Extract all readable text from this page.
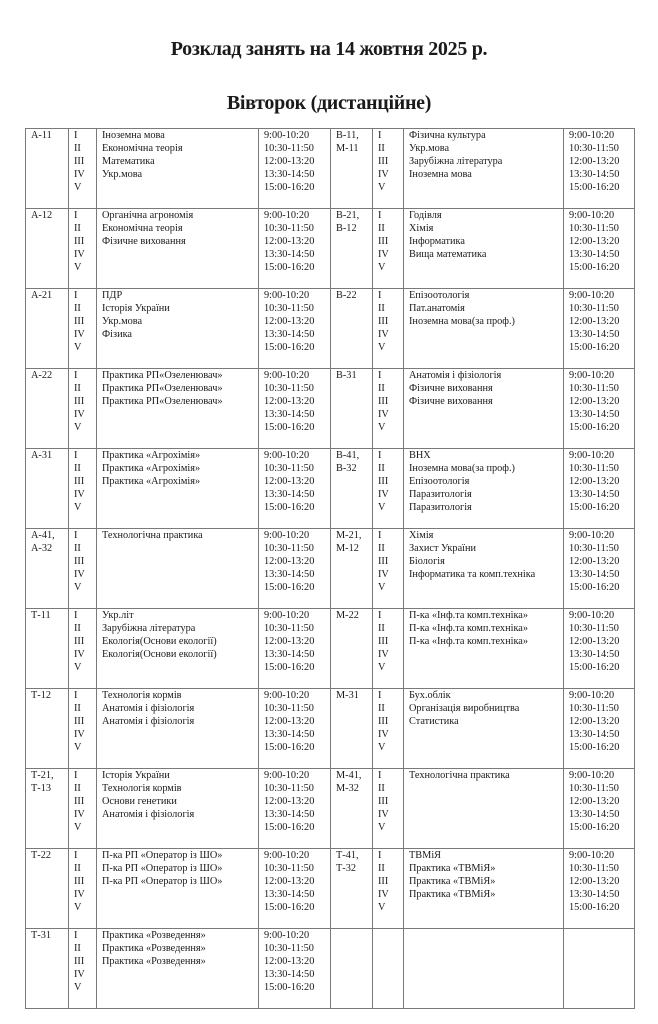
Розклад занять на 14 жовтня 2025 р.
Вівторок (дистанційне)
А-11	I
II
III
IV
V	Іноземна мова
Економічна теорія
Математика
Укр.мова	9:00-10:20
10:30-11:50
12:00-13:20
13:30-14:50
15:00-16:20	В-11,
М-11	I
II
III
IV
V	Фізична культура
Укр.мова
Зарубіжна література
Іноземна мова	9:00-10:20
10:30-11:50
12:00-13:20
13:30-14:50
15:00-16:20

А-12	I
II
III
IV
V	Органічна агрономія
Економічна теорія
Фізичне виховання	9:00-10:20
10:30-11:50
12:00-13:20
13:30-14:50
15:00-16:20	В-21,
В-12	I
II
III
IV
V	Годівля
Хімія
Інформатика
Вища математика	9:00-10:20
10:30-11:50
12:00-13:20
13:30-14:50
15:00-16:20

А-21	I
II
III
IV
V	ПДР
Історія України
Укр.мова
Фізика	9:00-10:20
10:30-11:50
12:00-13:20
13:30-14:50
15:00-16:20	В-22	I
II
III
IV
V	Епізоотологія
Пат.анатомія
Іноземна мова(за проф.)	9:00-10:20
10:30-11:50
12:00-13:20
13:30-14:50
15:00-16:20

А-22	I
II
III
IV
V	Практика РП«Озеленювач»
Практика РП«Озеленювач»
Практика РП«Озеленювач»	9:00-10:20
10:30-11:50
12:00-13:20
13:30-14:50
15:00-16:20	В-31	I
II
III
IV
V	Анатомія і фізіологія
Фізичне виховання
Фізичне виховання	9:00-10:20
10:30-11:50
12:00-13:20
13:30-14:50
15:00-16:20

А-31	I
II
III
IV
V	Практика «Агрохімія»
Практика «Агрохімія»
Практика «Агрохімія»	9:00-10:20
10:30-11:50
12:00-13:20
13:30-14:50
15:00-16:20	В-41,
В-32	I
II
III
IV
V	ВНХ
Іноземна мова(за проф.)
Епізоотологія
Паразитологія
Паразитологія	9:00-10:20
10:30-11:50
12:00-13:20
13:30-14:50
15:00-16:20

А-41,
А-32	I
II
III
IV
V	Технологічна практика	9:00-10:20
10:30-11:50
12:00-13:20
13:30-14:50
15:00-16:20	М-21,
М-12	I
II
III
IV
V	Хімія
Захист України
Біологія
Інформатика та комп.техніка	9:00-10:20
10:30-11:50
12:00-13:20
13:30-14:50
15:00-16:20

Т-11	I
II
III
IV
V	Укр.літ
Зарубіжна література
Екологія(Основи екології)
Екологія(Основи екології)	9:00-10:20
10:30-11:50
12:00-13:20
13:30-14:50
15:00-16:20	М-22	I
II
III
IV
V	П-ка «Інф.та комп.техніка»
П-ка «Інф.та комп.техніка»
П-ка «Інф.та комп.техніка»	9:00-10:20
10:30-11:50
12:00-13:20
13:30-14:50
15:00-16:20

Т-12	I
II
III
IV
V	Технологія кормів
Анатомія і фізіологія
Анатомія і фізіологія	9:00-10:20
10:30-11:50
12:00-13:20
13:30-14:50
15:00-16:20	М-31	I
II
III
IV
V	Бух.облік
Організація виробництва
Статистика	9:00-10:20
10:30-11:50
12:00-13:20
13:30-14:50
15:00-16:20

Т-21,
Т-13	I
II
III
IV
V	Історія України
Технологія кормів
Основи генетики
Анатомія і фізіологія	9:00-10:20
10:30-11:50
12:00-13:20
13:30-14:50
15:00-16:20	М-41,
М-32	I
II
III
IV
V	Технологічна практика	9:00-10:20
10:30-11:50
12:00-13:20
13:30-14:50
15:00-16:20

Т-22	I
II
III
IV
V	П-ка РП «Оператор із ШО»
П-ка РП «Оператор із ШО»
П-ка РП «Оператор із ШО»	9:00-10:20
10:30-11:50
12:00-13:20
13:30-14:50
15:00-16:20	Т-41,
Т-32	I
II
III
IV
V	ТВМіЯ
Практика «ТВМіЯ»
Практика «ТВМіЯ»
Практика «ТВМіЯ»	9:00-10:20
10:30-11:50
12:00-13:20
13:30-14:50
15:00-16:20

Т-31	I
II
III
IV
V	Практика «Розведення»
Практика «Розведення»
Практика «Розведення»	9:00-10:20
10:30-11:50
12:00-13:20
13:30-14:50
15:00-16:20				
